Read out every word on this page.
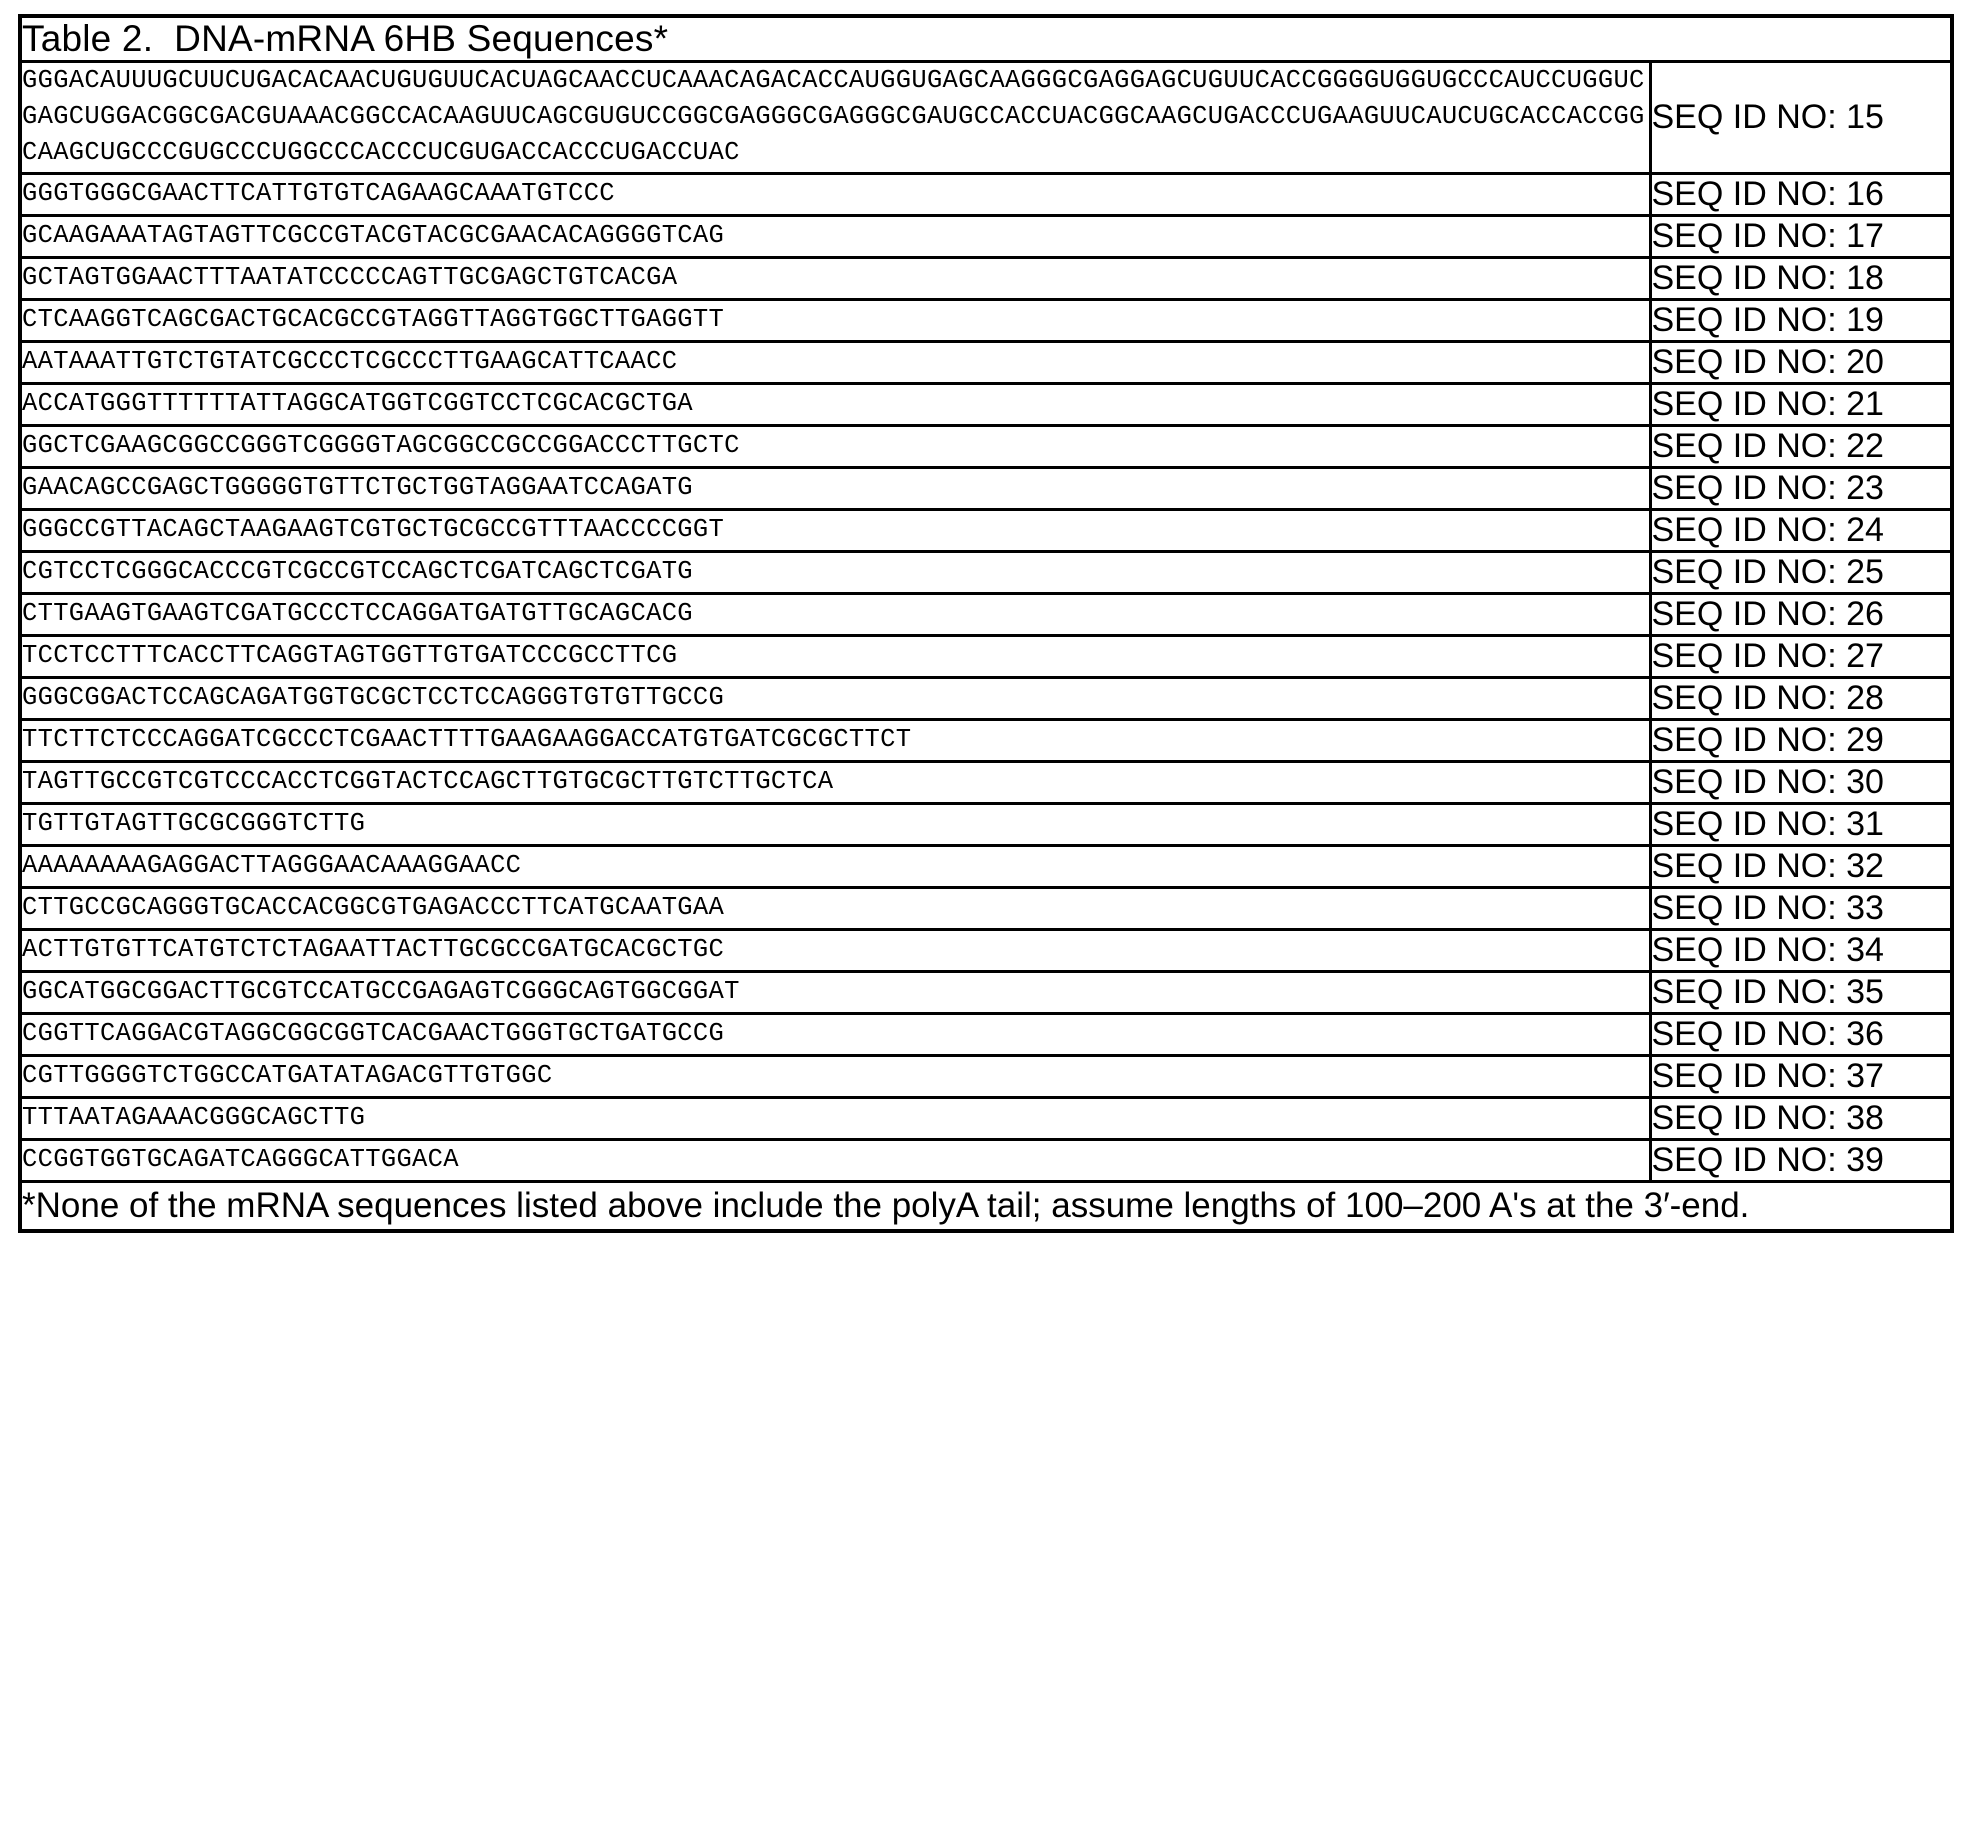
Table 2.  DNA-mRNA 6HB Sequences*	
GGGACAUUUGCUUCUGACACAACUGUGUUCACUAGCAACCUCAAACAGACACCAUGGUGAGCAAGGGCGAGGAGCUGUUCACCGGGGUGGUGCCCAUCCUGGUCGAGCUGGACGGCGACGUAAACGGCCACAAGUUCAGCGUGUCCGGCGAGGGCGAGGGCGAUGCCACCUACGGCAAGCUGACCCUGAAGUUCAUCUGCACCACCGGCAAGCUGCCCGUGCCCUGGCCCACCCUCGUGACCACCCUGACCUAC	SEQ ID NO: 15
GGGTGGGCGAACTTCATTGTGTCAGAAGCAAATGTCCC	SEQ ID NO: 16
GCAAGAAATAGTAGTTCGCCGTACGTACGCGAACACAGGGGTCAG	SEQ ID NO: 17
GCTAGTGGAACTTTAATATCCCCCAGTTGCGAGCTGTCACGA	SEQ ID NO: 18
CTCAAGGTCAGCGACTGCACGCCGTAGGTTAGGTGGCTTGAGGTT	SEQ ID NO: 19
AATAAATTGTCTGTATCGCCCTCGCCCTTGAAGCATTCAACC	SEQ ID NO: 20
ACCATGGGTTTTTTATTAGGCATGGTCGGTCCTCGCACGCTGA	SEQ ID NO: 21
GGCTCGAAGCGGCCGGGTCGGGGTAGCGGCCGCCGGACCCTTGCTC	SEQ ID NO: 22
GAACAGCCGAGCTGGGGGTGTTCTGCTGGTAGGAATCCAGATG	SEQ ID NO: 23
GGGCCGTTACAGCTAAGAAGTCGTGCTGCGCCGTTTAACCCCGGT	SEQ ID NO: 24
CGTCCTCGGGCACCCGTCGCCGTCCAGCTCGATCAGCTCGATG	SEQ ID NO: 25
CTTGAAGTGAAGTCGATGCCCTCCAGGATGATGTTGCAGCACG	SEQ ID NO: 26
TCCTCCTTTCACCTTCAGGTAGTGGTTGTGATCCCGCCTTCG	SEQ ID NO: 27
GGGCGGACTCCAGCAGATGGTGCGCTCCTCCAGGGTGTGTTGCCG	SEQ ID NO: 28
TTCTTCTCCCAGGATCGCCCTCGAACTTTTGAAGAAGGACCATGTGATCGCGCTTCT	SEQ ID NO: 29
TAGTTGCCGTCGTCCCACCTCGGTACTCCAGCTTGTGCGCTTGTCTTGCTCA	SEQ ID NO: 30
TGTTGTAGTTGCGCGGGTCTTG	SEQ ID NO: 31
AAAAAAAAGAGGACTTAGGGAACAAAGGAACC	SEQ ID NO: 32
CTTGCCGCAGGGTGCACCACGGCGTGAGACCCTTCATGCAATGAA	SEQ ID NO: 33
ACTTGTGTTCATGTCTCTAGAATTACTTGCGCCGATGCACGCTGC	SEQ ID NO: 34
GGCATGGCGGACTTGCGTCCATGCCGAGAGTCGGGCAGTGGCGGAT	SEQ ID NO: 35
CGGTTCAGGACGTAGGCGGCGGTCACGAACTGGGTGCTGATGCCG	SEQ ID NO: 36
CGTTGGGGTCTGGCCATGATATAGACGTTGTGGC	SEQ ID NO: 37
TTTAATAGAAACGGGCAGCTTG	SEQ ID NO: 38
CCGGTGGTGCAGATCAGGGCATTGGACA	SEQ ID NO: 39
*None of the mRNA sequences listed above include the polyA tail; assume lengths of 100–200 A's at the 3′-end.	
